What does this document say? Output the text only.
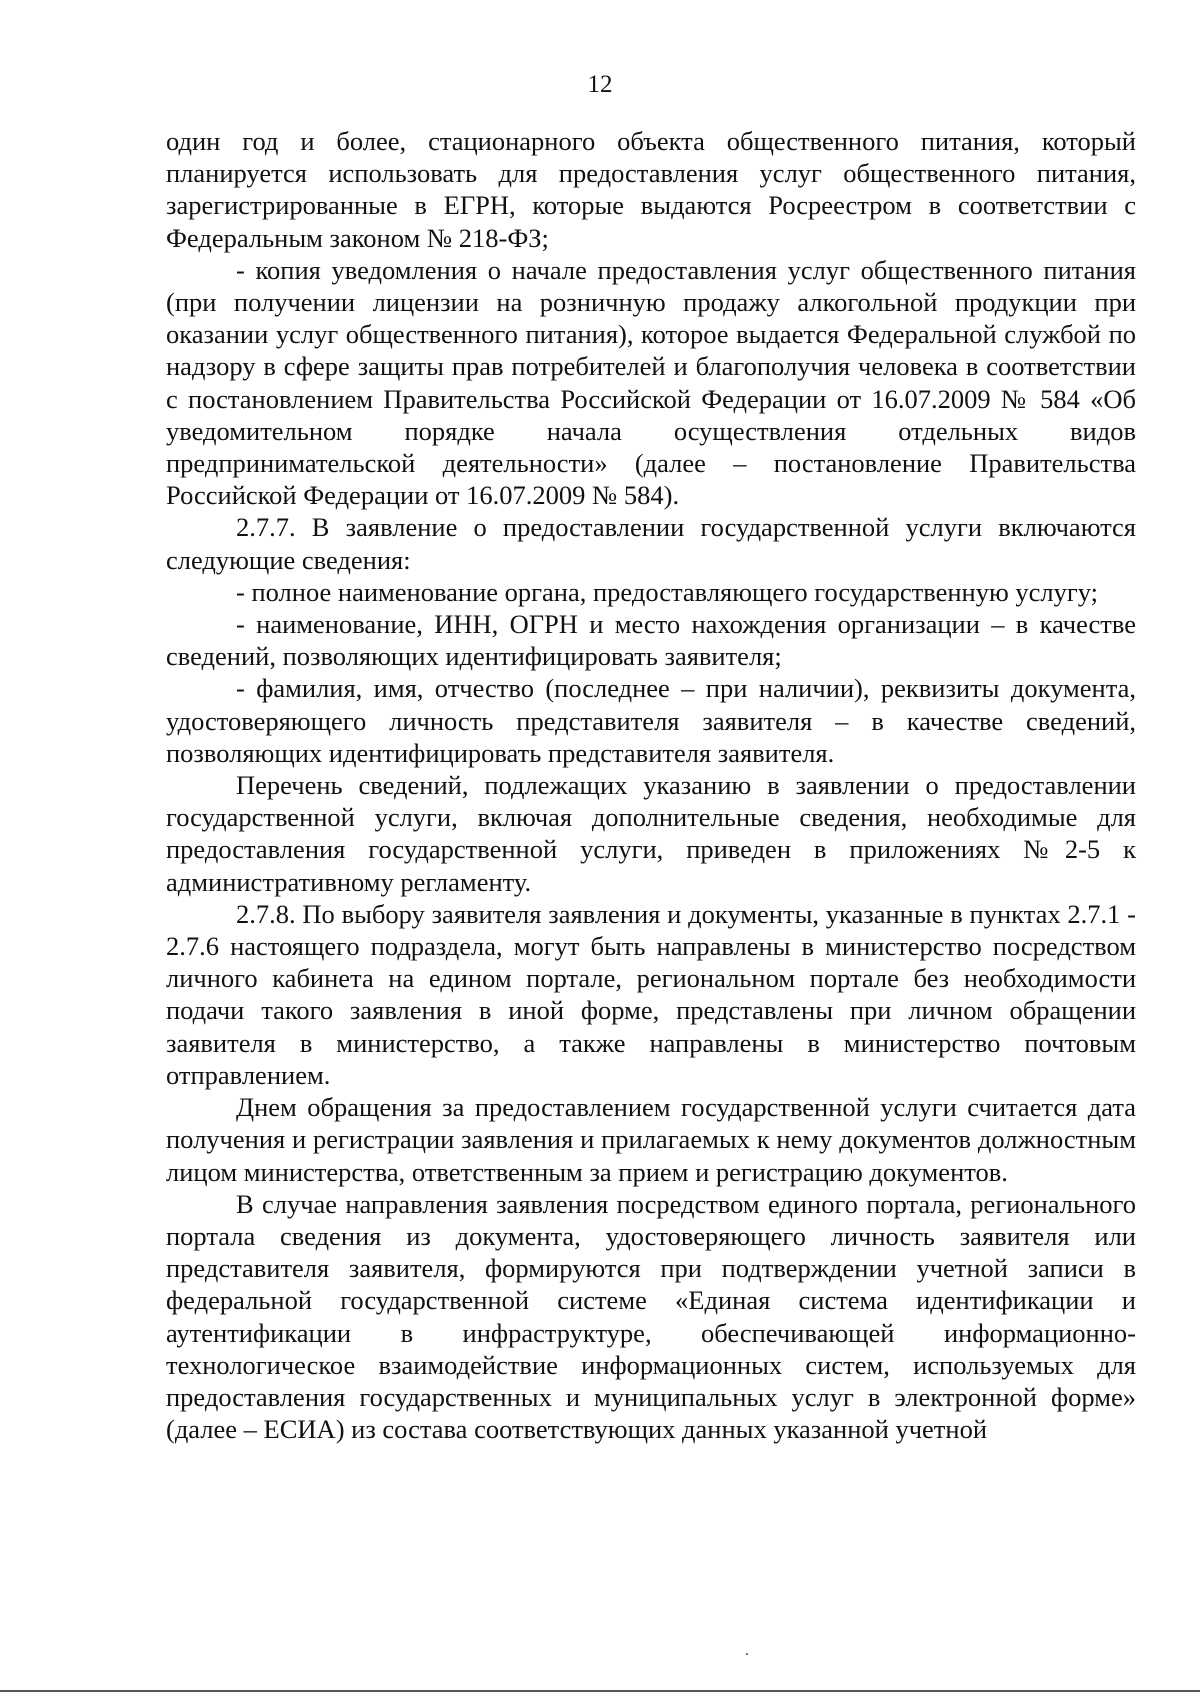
12

один год и более, стационарного объекта общественного питания, который планируется использовать для предоставления услуг общественного питания, зарегистрированные в ЕГРН, которые выдаются Росреестром в соответствии с Федеральным законом № 218-ФЗ;

- копия уведомления о начале предоставления услуг общественного питания (при получении лицензии на розничную продажу алкогольной продукции при оказании услуг общественного питания), которое выдается Федеральной службой по надзору в сфере защиты прав потребителей и благополучия человека в соответствии с постановлением Правительства Российской Федерации от 16.07.2009 № 584 «Об уведомительном порядке начала осуществления отдельных видов предпринимательской деятельности» (далее – постановление Правительства Российской Федерации от 16.07.2009 № 584).

2.7.7. В заявление о предоставлении государственной услуги включаются следующие сведения:

- полное наименование органа, предоставляющего государственную услугу;

- наименование, ИНН, ОГРН и место нахождения организации – в качестве сведений, позволяющих идентифицировать заявителя;

- фамилия, имя, отчество (последнее – при наличии), реквизиты документа, удостоверяющего личность представителя заявителя – в качестве сведений, позволяющих идентифицировать представителя заявителя.

Перечень сведений, подлежащих указанию в заявлении о предоставлении государственной услуги, включая дополнительные сведения, необходимые для предоставления государственной услуги, приведен в приложениях №2-5 к административному регламенту.

2.7.8. По выбору заявителя заявления и документы, указанные в пунктах 2.7.1 - 2.7.6 настоящего подраздела, могут быть направлены в министерство посредством личного кабинета на едином портале, региональном портале без необходимости подачи такого заявления в иной форме, представлены при личном обращении заявителя в министерство, а также направлены в министерство почтовым отправлением.

Днем обращения за предоставлением государственной услуги считается дата получения и регистрации заявления и прилагаемых к нему документов должностным лицом министерства, ответственным за прием и регистрацию документов.

В случае направления заявления посредством единого портала, регионального портала сведения из документа, удостоверяющего личность заявителя или представителя заявителя, формируются при подтверждении учетной записи в федеральной государственной системе «Единая система идентификации и аутентификации в инфраструктуре, обеспечивающей информационно-технологическое взаимодействие информационных систем, используемых для предоставления государственных и муниципальных услуг в электронной форме» (далее – ЕСИА) из состава соответствующих данных указанной учетной
